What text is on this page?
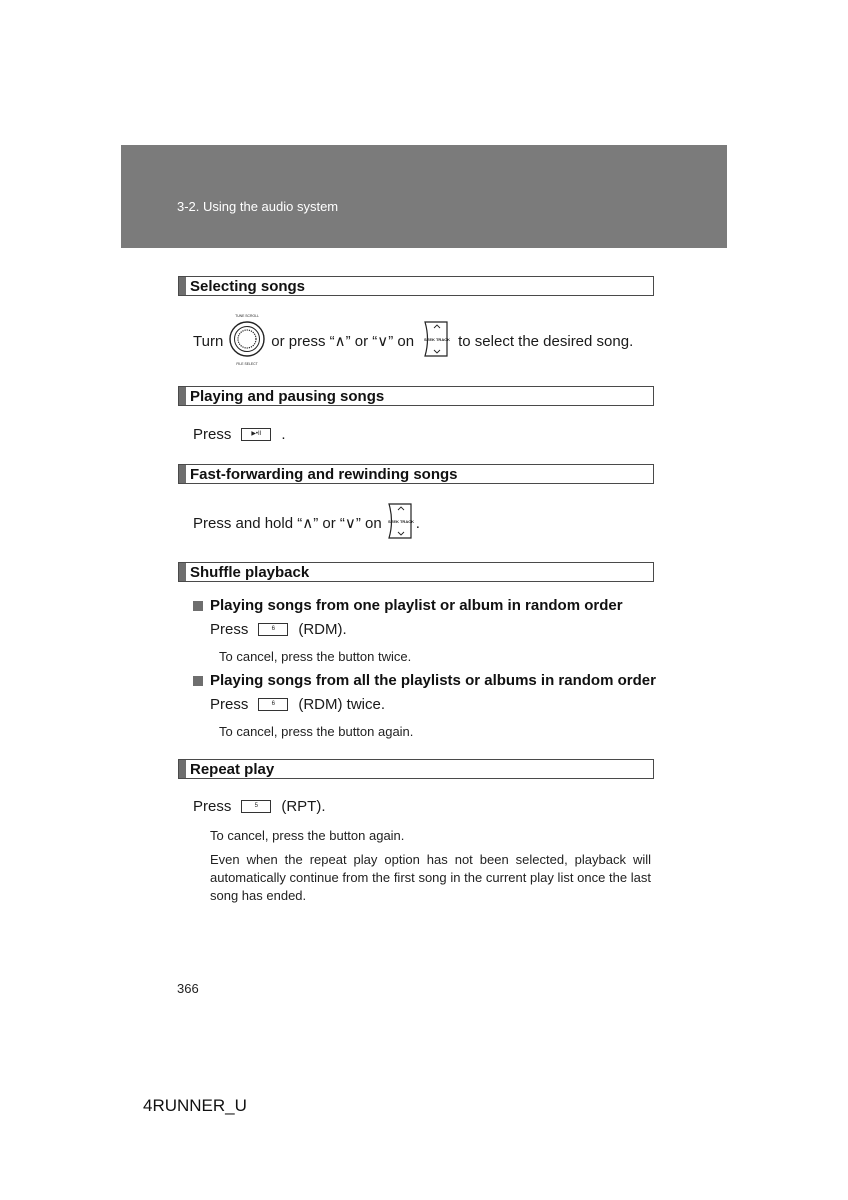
3-2. Using the audio system
Selecting songs
Turn
TUNE SCROLL
FILE SELECT
or press “∧” or “∨” on SEEK TRACK to select the desired song.
Playing and pausing songs
Press	▶•II	.
Fast-forwarding and rewinding songs
Press and hold “∧” or “∨” on SEEK TRACK .
Shuffle playback
Playing songs from one playlist or album in random order
Press	6	(RDM).
To cancel, press the button twice.
Playing songs from all the playlists or albums in random order
Press	6	(RDM) twice.
To cancel, press the button again.
Repeat play
Press	5	(RPT).
To cancel, press the button again.
Even when the repeat play option has not been selected, playback will automatically continue from the first song in the current play list once the last song has ended.
366
4RUNNER_U
